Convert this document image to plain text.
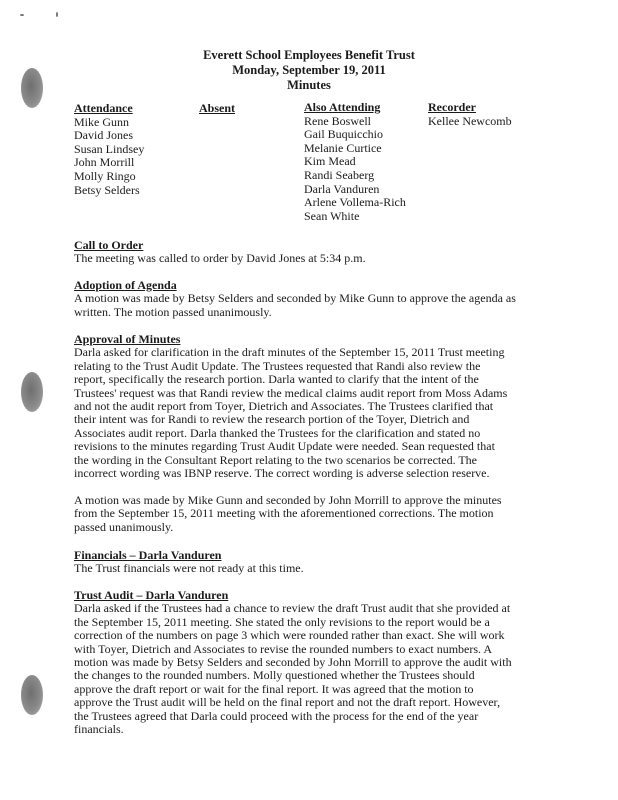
Everett School Employees Benefit Trust
Monday, September 19, 2011
Minutes
Attendance
Mike Gunn
David Jones
Susan Lindsey
John Morrill
Molly Ringo
Betsy Selders
Absent	Also Attending
Rene Boswell
Gail Buquicchio
Melanie Curtice
Kim Mead
Randi Seaberg
Darla Vanduren
Arlene Vollema-Rich
Sean White
Recorder
Kellee Newcomb
Call to Order
The meeting was called to order by David Jones at 5:34 p.m.
Adoption of Agenda
A motion was made by Betsy Selders and seconded by Mike Gunn to approve the agenda as
written. The motion passed unanimously.
Approval of Minutes
Darla asked for clarification in the draft minutes of the September 15, 2011 Trust meeting
relating to the Trust Audit Update. The Trustees requested that Randi also review the
report, specifically the research portion. Darla wanted to clarify that the intent of the
Trustees' request was that Randi review the medical claims audit report from Moss Adams
and not the audit report from Toyer, Dietrich and Associates. The Trustees clarified that
their intent was for Randi to review the research portion of the Toyer, Dietrich and
Associates audit report. Darla thanked the Trustees for the clarification and stated no
revisions to the minutes regarding Trust Audit Update were needed. Sean requested that
the wording in the Consultant Report relating to the two scenarios be corrected. The
incorrect wording was IBNP reserve. The correct wording is adverse selection reserve.
A motion was made by Mike Gunn and seconded by John Morrill to approve the minutes
from the September 15, 2011 meeting with the aforementioned corrections. The motion
passed unanimously.
Financials – Darla Vanduren
The Trust financials were not ready at this time.
Trust Audit – Darla Vanduren
Darla asked if the Trustees had a chance to review the draft Trust audit that she provided at
the September 15, 2011 meeting. She stated the only revisions to the report would be a
correction of the numbers on page 3 which were rounded rather than exact. She will work
with Toyer, Dietrich and Associates to revise the rounded numbers to exact numbers. A
motion was made by Betsy Selders and seconded by John Morrill to approve the audit with
the changes to the rounded numbers. Molly questioned whether the Trustees should
approve the draft report or wait for the final report. It was agreed that the motion to
approve the Trust audit will be held on the final report and not the draft report. However,
the Trustees agreed that Darla could proceed with the process for the end of the year
financials.
